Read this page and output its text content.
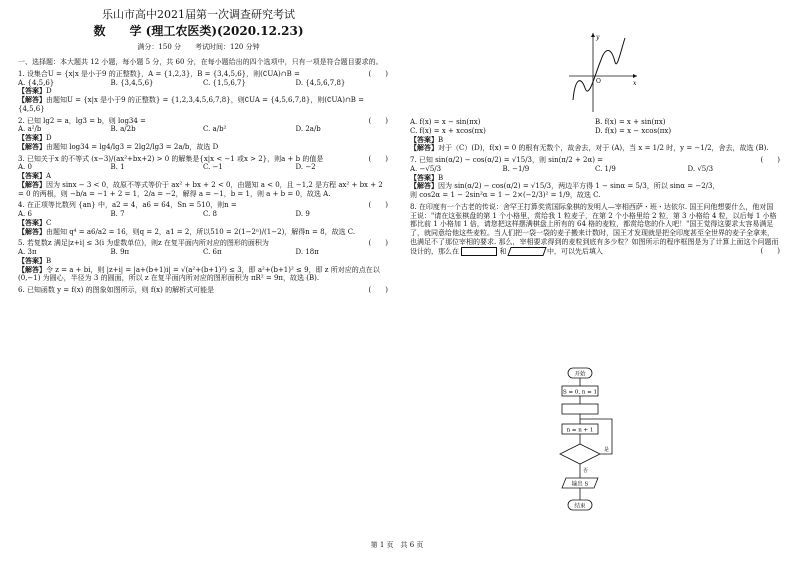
乐山市高中2021届第一次调查研究考试
数　　学 (理工农医类)(2020.12.23)
满分：150 分　　考试时间：120 分钟
一、选择题：本大题共 12 小题，每小题 5 分，共 60 分，在每小题给出的四个选项中，只有一项是符合题目要求的。
1. 设集合U = {x|x 是小于9 的正整数}，A = {1,2,3}，B = {3,4,5,6}，则(∁UA)∩B =	(　　)
A. {4,5,6}	B. {3,4,5,6}	C. {1,5,6,7}	D. {4,5,6,7,8}
【答案】D
【解答】由题知U = {x|x 是小于9 的正整数} = {1,2,3,4,5,6,7,8}，则∁UA = {4,5,6,7,8}，则(∁UA)∩B = {4,5,6}
2. 已知 lg2 = a，lg3 = b，则 log34 =	(　　)
A. a²/b	B. a/2b	C. a/b²	D. 2a/b
【答案】D
【解答】由题知 log34 = lg4/lg3 = 2lg2/lg3 = 2a/b，故选 D
3. 已知关于x 的不等式 (x−3)/(ax²+bx+2) > 0 的解集是{x|x < −1 或x > 2}，则a + b 的值是	(　　)
A. 0	B. 1	C. −1	D. −2
【答案】A
【解答】因为 sinx − 3 < 0，故原不等式等价于 ax² + bx + 2 < 0，由题知 a < 0，且 −1,2 是方程 ax² + bx + 2 = 0 的两根，则 −b/a = −1 + 2 = 1，2/a = −2，解得 a = −1，b = 1，则 a + b = 0，故选 A.
4. 在正项等比数列 {an} 中，a2 = 4，a6 = 64，Sn = 510，则n =	(　　)
A. 6	B. 7	C. 8	D. 9
【答案】C
【解答】由题知 q⁴ = a6/a2 = 16，则q = 2，a1 = 2，所以510 = 2(1−2ⁿ)/(1−2)，解得n = 8，故选 C.
5. 若复数z 满足|z+i| ≤ 3(i 为虚数单位)，则z 在复平面内所对应的图形的面积为	(　　)
A. 3π	B. 9π	C. 6π	D. 18π
【答案】B
【解答】令 z = a + bi，则 |z+i| = |a+(b+1)i| = √(a²+(b+1)²) ≤ 3，即 a²+(b+1)² ≤ 9，即 z 所对应的点在以 (0,−1) 为圆心，半径为 3 的圆面，所以 z 在复平面内所对应的图形面积为 πR² = 9π，故选 (B).
6. 已知函数 y = f(x) 的图象如图所示，则 f(x) 的解析式可能是	(　　)
O	x
y
A. f(x) = x − sin(πx)	B. f(x) = x + sin(πx)
C. f(x) = x + xcos(πx)	D. f(x) = x − xcos(πx)
【答案】B
【解答】对于（C）(D)，f(x) = 0 的根有无数个，故舍去，对于 (A)，当 x = 1/2 时，y = −1/2，舍去，故选 (B).
7. 已知 sin(α/2) − cos(α/2) = √15/3，则 sin(π/2 + 2α) =	(　　)
A. −√5/3	B. −1/9	C. 1/9	D. √5/3
【答案】B
【解答】因为 sin(α/2) − cos(α/2) = √15/3，两边平方得 1 − sinα = 5/3，所以 sinα = −2/3，
则 cos2α = 1 − 2sin²α = 1 − 2×(−2/3)² = 1/9，故选 C.
8. 在印度有一个古老的传说：舍罕王打算奖赏国际象棋的发明人—宰相西萨・班・达依尔. 国王问他想要什么，他对国王说："请在这张棋盘的第 1 个小格里，赏给我 1 粒麦子，在第 2 个小格里给 2 粒，第 3 小格给 4 粒，以后每 1 小格都比前 1 小格加 1 倍，请您把这样摆满棋盘上所有的 64 格的麦粒，都赏给您的仆人吧！"国王觉得这要求太容易满足了，就同意给他这些麦粒。当人们把一袋一袋的麦子搬来计数时，国王才发现就是把全印度甚至全世界的麦子全拿来，也满足不了那位宰相的要求. 那么，宰相要求得到的麦粒到底有多少粒？如图所示的程序框图是为了计算上面这个问题而设计的，那么在	和	中，可以先后填入	(　　)
开始
S = 0, n = 1
n = n + 1
是
否
输出 S
结束
第 1 页　共 6 页
